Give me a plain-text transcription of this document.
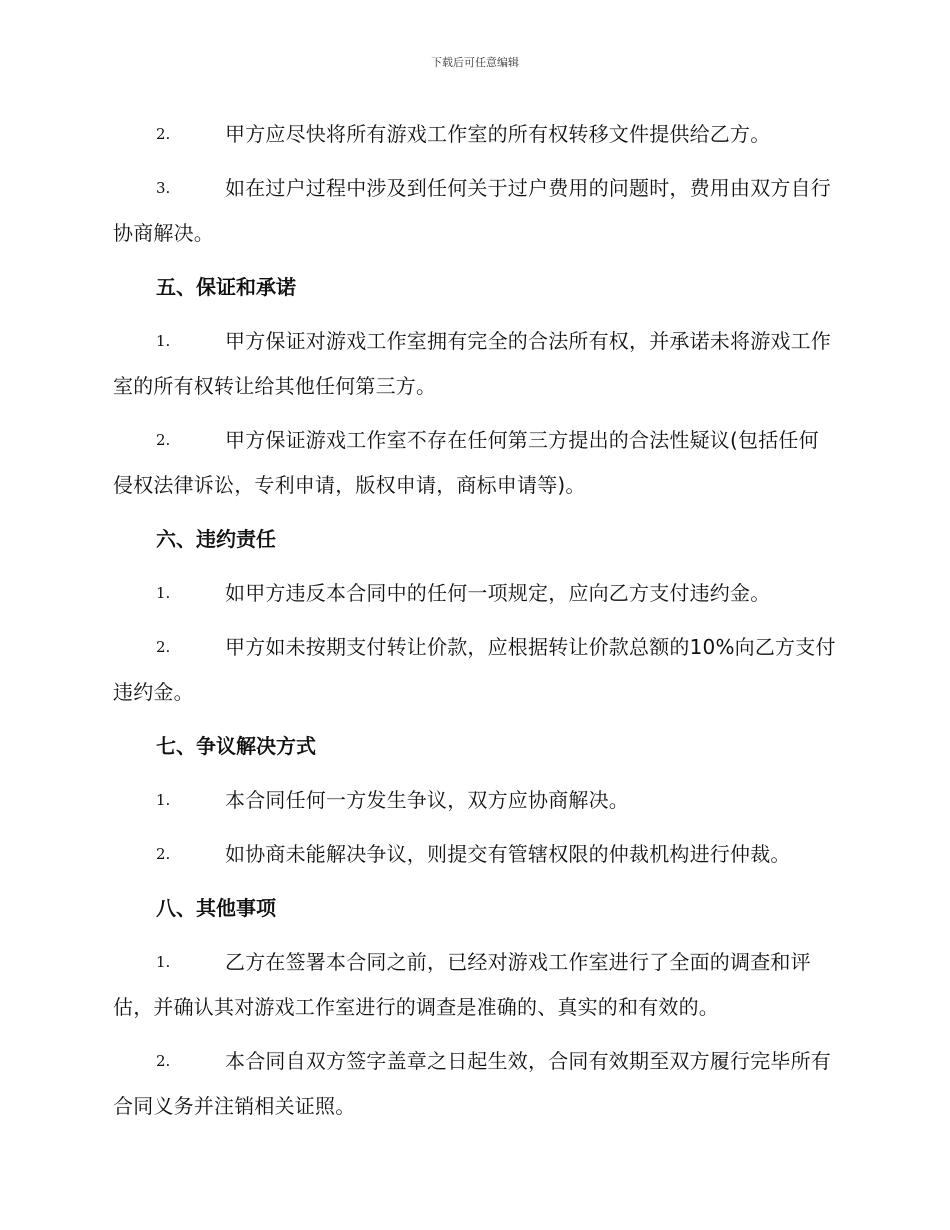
下载后可任意编辑
2.	甲方应尽快将所有游戏工作室的所有权转移文件提供给乙方。
3.	如在过户过程中涉及到任何关于过户费用的问题时，费用由双方自行协商解决。
五、保证和承诺
1.	甲方保证对游戏工作室拥有完全的合法所有权，并承诺未将游戏工作室的所有权转让给其他任何第三方。
2.	甲方保证游戏工作室不存在任何第三方提出的合法性疑议(包括任何侵权法律诉讼，专利申请，版权申请，商标申请等)。
六、违约责任
1.	如甲方违反本合同中的任何一项规定，应向乙方支付违约金。
2.	甲方如未按期支付转让价款，应根据转让价款总额的10%向乙方支付违约金。
七、争议解决方式
1.	本合同任何一方发生争议，双方应协商解决。
2.	如协商未能解决争议，则提交有管辖权限的仲裁机构进行仲裁。
八、其他事项
1.	乙方在签署本合同之前，已经对游戏工作室进行了全面的调查和评估，并确认其对游戏工作室进行的调查是准确的、真实的和有效的。
2.	本合同自双方签字盖章之日起生效，合同有效期至双方履行完毕所有合同义务并注销相关证照。
